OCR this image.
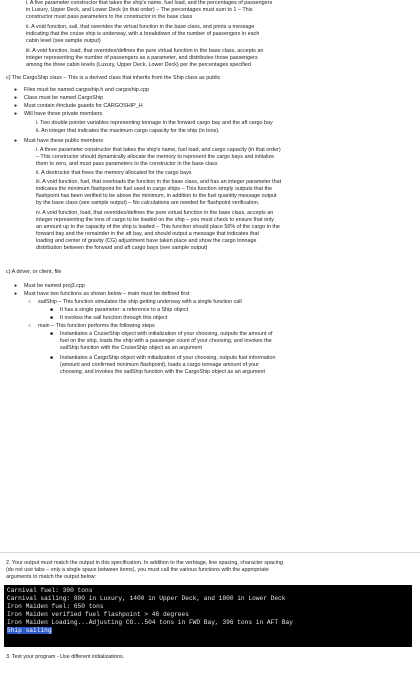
i. A five parameter constructor that takes the ship's name, fuel load, and the percentages of passengers
in Luxury, Upper Deck, and Lower Deck (in that order) – The percentages must sum to 1 – This
constructor must pass parameters to the constructor in the base class
ii. A void function, sail, that overrides the virtual function in the base class, and prints a message
indicating that the cruise ship is underway, with a breakdown of the number of passengers in each
cabin level (see sample output)
iii. A void function, load, that overrides/defines the pure virtual function in the base class, accepts an
integer representing the number of passengers as a parameter, and distributes those passengers
among the three cabin levels (Luxury, Upper Deck, Lower Deck) per the percentages specified
c) The CargoShip class – This is a derived class that inherits from the Ship class as public
● Files must be named cargoship.h and cargoship.cpp
● Class must be named CargoShip
● Must contain #include guards for CARGOSHIP_H
● Will have these private members
i. Two double pointer variables representing tonnage in the forward cargo bay and the aft cargo bay
ii. An integer that indicates the maximum cargo capacity for the ship (in tons).
● Must have these public members
i. A three parameter constructor that takes the ship's name, fuel load, and cargo capacity (in that order)
– This constructor should dynamically allocate the memory to represent the cargo bays and initialize
them to zero, and must pass parameters to the constructor in the base class
ii. A destructor that frees the memory allocated for the cargo bays
iii. A void function, fuel, that overloads the function in the base class, and has an integer parameter that
indicates the minimum flashpoint for fuel used in cargo ships – This function simply outputs that the
flashpoint has been verified to be above the minimum, in addition to the fuel quantity message output
by the base class (see sample output) – No calculations are needed for flashpoint verification.
iv. A void function, load, that overrides/defines the pure virtual function in the base class, accepts an
integer representing the tons of cargo to be loaded on the ship – you must check to ensure that only
an amount up to the capacity of the ship is loaded – This function should place 56% of the cargo in the
forward bay and the remainder in the aft bay, and should output a message that indicates that
loading and center of gravity (CG) adjustment have taken place and show the cargo tonnage
distribution between the forward and aft cargo bays (see sample output)
c) A driver, or client, file
● Must be named proj3.cpp
● Must have two functions as shown below – main must be defined first
○ sailShip – This function simulates the ship getting underway with a single function call
■ It has a single parameter: a reference to a Ship object
■ It invokes the sail function through this object
○ main – This function performs the following steps
■ Instantiates a CruiseShip object with initialization of your choosing, outputs the amount of
fuel on the ship, loads the ship with a passenger count of your choosing, and invokes the
sailShip function with the CruiseShip object as an argument
■ Instantiates a CargoShip object with initialization of your choosing, outputs fuel information
(amount and confirmed minimum flashpoint), loads a cargo tonnage amount of your
choosing, and invokes the sailShip function with the CargoShip object as an argument
2. Your output must match the output in this specification. In addition to the verbiage, line spacing, character spacing
(do not use tabs – only a single space between items), you must call the various functions with the appropriate
arguments to match the output below:
Carnival fuel: 300 tons
Carnival sailing: 800 in Luxury, 1400 in Upper Deck, and 1800 in Lower Deck
Iron Maiden fuel: 650 tons
Iron Maiden verified fuel flashpoint > 46 degrees
Iron Maiden Loading...Adjusting CG...504 tons in FWD Bay, 396 tons in AFT Bay
Ship sailing
3. Test your program - Use different initializations.
